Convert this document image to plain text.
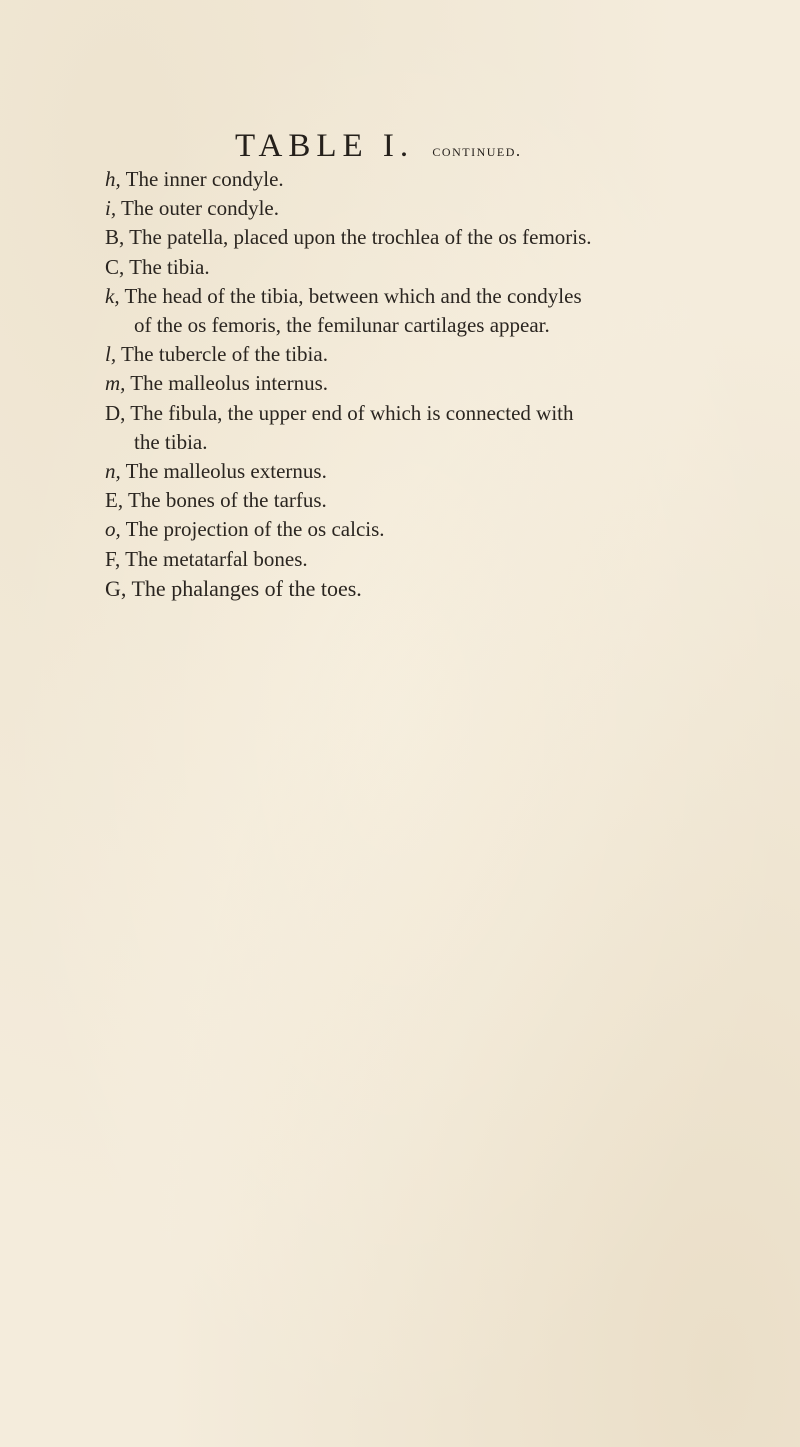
TABLE I. continued.
h, The inner condyle.
i, The outer condyle.
B, The patella, placed upon the trochlea of the os femoris.
C, The tibia.
k, The head of the tibia, between which and the condyles
of the os femoris, the femilunar cartilages appear.
l, The tubercle of the tibia.
m, The malleolus internus.
D, The fibula, the upper end of which is connected with
the tibia.
n, The malleolus externus.
E, The bones of the tarfus.
o, The projection of the os calcis.
F, The metatarfal bones.
G, The phalanges of the toes.
